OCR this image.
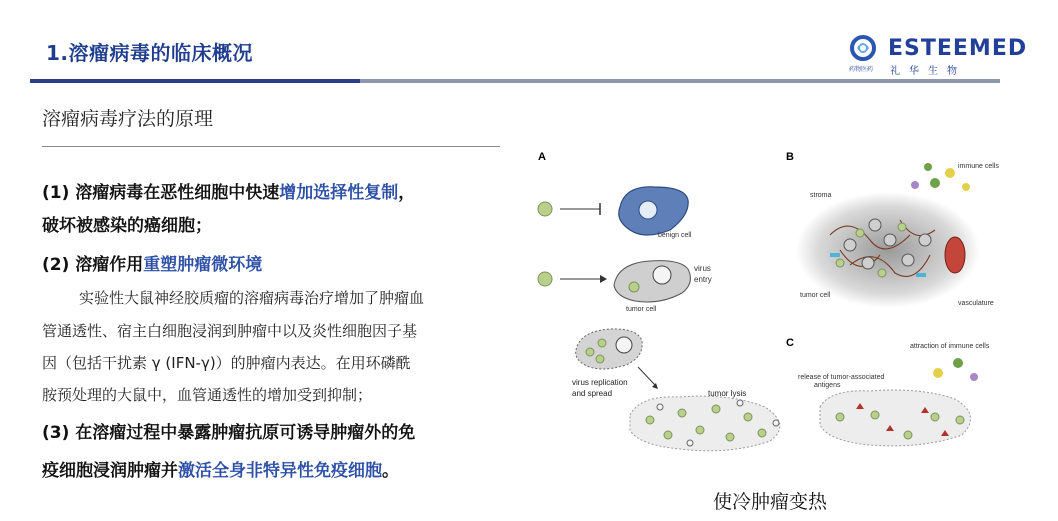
1.溶瘤病毒的临床概况	ESTEEMED
礼华生物
药物医药
溶瘤病毒疗法的原理
(1) 溶瘤病毒在恶性细胞中快速增加选择性复制，
破坏被感染的癌细胞；
(2) 溶瘤作用重塑肿瘤微环境
实验性大鼠神经胶质瘤的溶瘤病毒治疗增加了肿瘤血
管通透性、宿主白细胞浸润到肿瘤中以及炎性细胞因子基
因（包括干扰素 γ (IFN-γ)）的肿瘤内表达。在用环磷酰
胺预处理的大鼠中，血管通透性的增加受到抑制；
(3) 在溶瘤过程中暴露肿瘤抗原可诱导肿瘤外的免
疫细胞浸润肿瘤并激活全身非特异性免疫细胞。
A
benign cell
virus
entry
tumor cell
virus replication
and spread	tumor lysis
B
immune cells
stroma
tumor cell
vasculature
C	attraction of immune cells
release of tumor-associated
antigens
使冷肿瘤变热
